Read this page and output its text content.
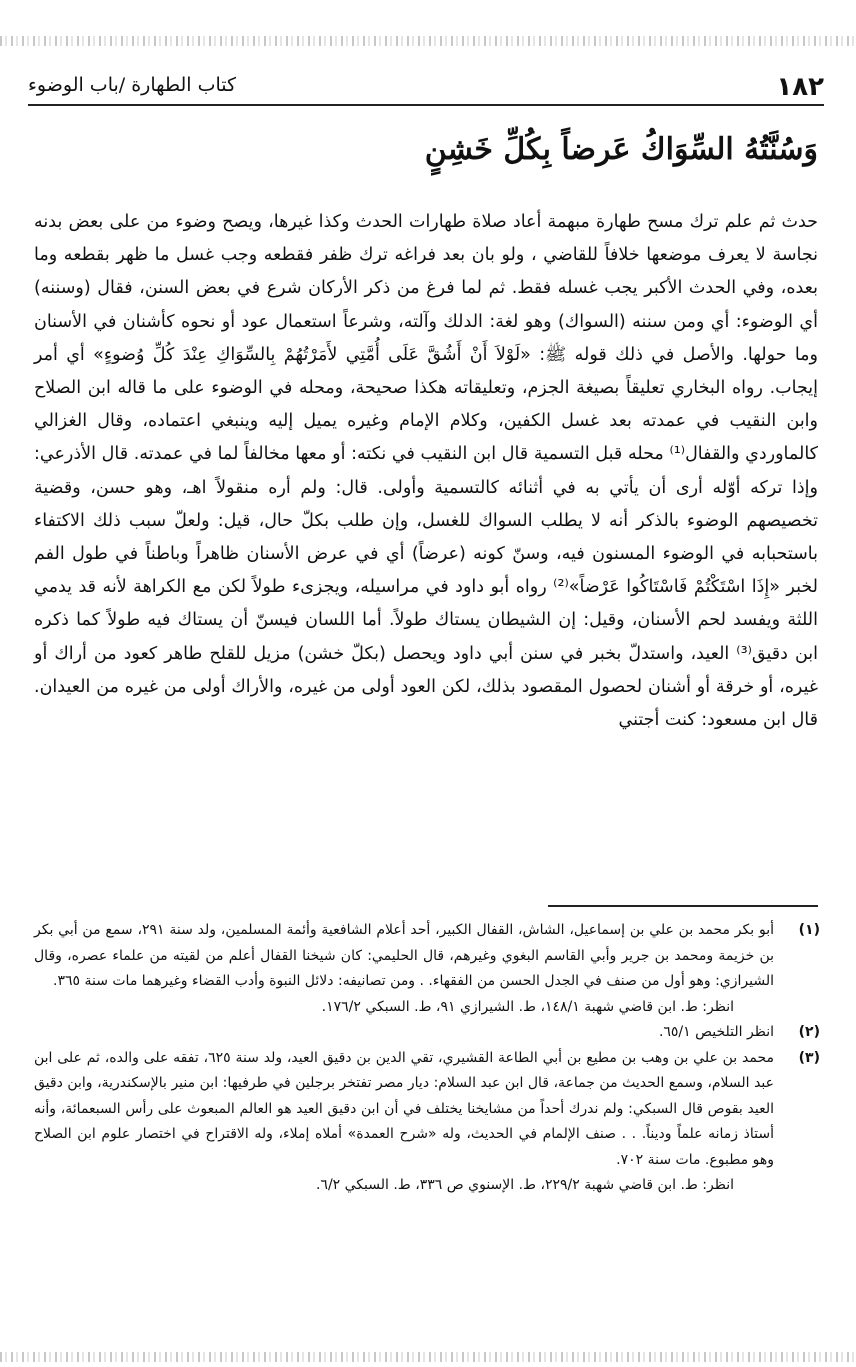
١٨٢
كتاب الطهارة /باب الوضوء
وَسُنَّتُهُ السِّوَاكُ عَرضاً بِكُلِّ خَشِنٍ

حدث ثم علم ترك مسح طهارة مبهمة أعاد صلاة طهارات الحدث وكذا غيرها، ويصح وضوء من على بعض بدنه نجاسة لا يعرف موضعها خلافاً للقاضي ، ولو بان بعد فراغه ترك ظفر فقطعه وجب غسل ما ظهر بقطعه وما بعده، وفي الحدث الأكبر يجب غسله فقط. ثم لما فرغ من ذكر الأركان شرع في بعض السنن، فقال (وسننه) أي الوضوء: أي ومن سننه (السواك) وهو لغة: الدلك وآلته، وشرعاً استعمال عود أو نحوه كأشنان في الأسنان وما حولها. والأصل في ذلك قوله ﷺ: «لَوْلاَ أَنْ أَشُقَّ عَلَى أُمَّتِي لأَمَرْتُهُمْ بِالسِّوَاكِ عِنْدَ كُلِّ وُضوءٍ» أي أمر إيجاب. رواه البخاري تعليقاً بصيغة الجزم، وتعليقاته هكذا صحيحة، ومحله في الوضوء على ما قاله ابن الصلاح وابن النقيب في عمدته بعد غسل الكفين، وكلام الإمام وغيره يميل إليه وينبغي اعتماده، وقال الغزالي كالماوردي والقفال⁽¹⁾ محله قبل التسمية قال ابن النقيب في نكته: أو معها مخالفاً لما في عمدته. قال الأذرعي: وإذا تركه أوّله أرى أن يأتي به في أثنائه كالتسمية وأولى. قال: ولم أره منقولاً اهـ، وهو حسن، وقضية تخصيصهم الوضوء بالذكر أنه لا يطلب السواك للغسل، وإن طلب بكلّ حال، قيل: ولعلّ سبب ذلك الاكتفاء باستحبابه في الوضوء المسنون فيه، وسنّ كونه (عرضاً) أي في عرض الأسنان ظاهراً وباطناً في طول الفم لخبر «إِذَا اسْتَكْتُمْ فَاسْتَاكُوا عَرْضاً»⁽²⁾ رواه أبو داود في مراسيله، ويجزىء طولاً لكن مع الكراهة لأنه قد يدمي اللثة ويفسد لحم الأسنان، وقيل: إن الشيطان يستاك طولاً. أما اللسان فيسنّ أن يستاك فيه طولاً كما ذكره ابن دقيق⁽³⁾ العيد، واستدلّ بخبر في سنن أبي داود ويحصل (بكلّ خشن) مزيل للقلح طاهر كعود من أراك أو غيره، أو خرقة أو أشنان لحصول المقصود بذلك، لكن العود أولى من غيره، والأراك أولى من غيره من العيدان. قال ابن مسعود: كنت أجتني

(١)
أبو بكر محمد بن علي بن إسماعيل، الشاش، القفال الكبير، أحد أعلام الشافعية وأئمة المسلمين، ولد سنة ٢٩١، سمع من أبي بكر بن خزيمة ومحمد بن جرير وأبي القاسم البغوي وغيرهم، قال الحليمي: كان شيخنا القفال أعلم من لقيته من علماء عصره، وقال الشيرازي: وهو أول من صنف في الجدل الحسن من الفقهاء. . ومن تصانيفه: دلائل النبوة وأدب القضاء وغيرهما مات سنة ٣٦٥.
انظر: ط. ابن قاضي شهبة ١٤٨/١، ط. الشيرازي ٩١، ط. السبكي ١٧٦/٢.
(٢)
انظر التلخيص ٦٥/١.
(٣)
محمد بن علي بن وهب بن مطيع بن أبي الطاعة القشيري، تقي الدين بن دقيق العيد، ولد سنة ٦٢٥، تفقه على والده، ثم على ابن عبد السلام، وسمع الحديث من جماعة، قال ابن عبد السلام: ديار مصر تفتخر برجلين في طرفيها: ابن منير بالإسكندرية، وابن دقيق العيد بقوص قال السبكي: ولم ندرك أحداً من مشايخنا يختلف في أن ابن دقيق العيد هو العالم المبعوث على رأس السبعمائة، وأنه أستاذ زمانه علماً وديناً. . . صنف الإلمام في الحديث، وله «شرح العمدة» أملاه إملاء، وله الاقتراح في اختصار علوم ابن الصلاح وهو مطبوع. مات سنة ٧٠٢.
انظر: ط. ابن قاضي شهبة ٢٢٩/٢، ط. الإسنوي ص ٣٣٦، ط. السبكي ٦/٢.
